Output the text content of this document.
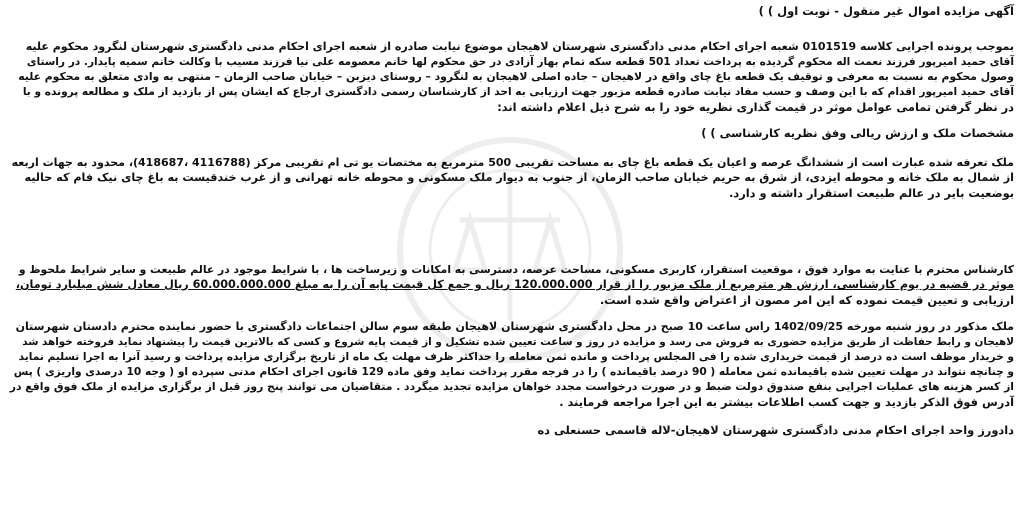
آگهی مزایده اموال غیر منقول - نوبت اول ) )
بموجب پرونده اجرایی کلاسه 0101519 شعبه اجرای احکام مدنی دادگستری شهرستان لاهیجان موضوع نیابت صادره از شعبه اجرای احکام مدنی دادگستری شهرستان لنگرود محکوم علیه
آقای حمید امیرپور فرزند نعمت اله محکوم گردیده به پرداخت تعداد 501 قطعه سکه تمام بهار آزادی در حق محکوم لها خانم معصومه علی نیا فرزند مسیب با وکالت خانم سمیه پایدار. در راستای
وصول محکوم به نسبت به معرفی و توقیف یک قطعه باغ چای واقع در لاهیجان – جاده اصلی لاهیجان به لنگرود – روستای دیزبن – خیابان صاحب الزمان – منتهی به وادی متعلق به محکوم علیه
آقای حمید امیرپور اقدام که با این وصف و حسب مفاد نیابت صادره قطعه مزبور جهت ارزیابی به احد از کارشناسان رسمی دادگستری ارجاع که ایشان پس از بازدید از ملک و مطالعه پرونده و با
در نظر گرفتن تمامی عوامل موثر در قیمت گذاری نظریه خود را به شرح ذیل اعلام داشته اند:
مشخصات ملک و ارزش ریالی وفق نظریه کارشناسی ) )
ملک تعرفه شده عبارت است از ششدانگ عرصه و اعیان یک قطعه باغ چای به مساحت تقریبی 500 مترمربع به مختصات یو تی ام تقریبی مرکز (4116788 ،418687)، محدود به جهات اربعه
از شمال به ملک خانه و محوطه ایزدی، از شرق به حریم خیابان صاحب الزمان، از جنوب به دیوار ملک مسکونی و محوطه خانه تهرانی و از غرب خندقیست به باغ چای نیک فام که حالیه
بوضعیت بایر در عالم طبیعت استقرار داشته و دارد.
کارشناس محترم با عنایت به موارد فوق ، موقعیت استقرار، کاربری مسکونی، مساحت عرصه، دسترسی به امکانات و زیرساخت ها ، با شرایط موجود در عالم طبیعت و سایر شرایط ملحوظ و
موثر در قضیه در یوم کارشناسی، ارزش هر مترمربع از ملک مزبور را از قرار 120.000.000 ریال و جمع کل قیمت پایه آن را به مبلغ 60.000.000.000 ریال معادل شش میلیارد تومان،
ارزیابی و تعیین قیمت نموده که این امر مصون از اعتراض واقع شده است.
ملک مذکور در روز شنبه مورخه 1402/09/25 راس ساعت 10 صبح در محل دادگستری شهرستان لاهیجان طبقه سوم سالن اجتماعات دادگستری با حضور نماینده محترم دادستان شهرستان
لاهیجان و رابط حفاظت از طریق مزایده حضوری به فروش می رسد و مزایده در روز و ساعت تعیین شده تشکیل و از قیمت پایه شروع و کسی که بالاترین قیمت را پیشنهاد نماید فروخته خواهد شد
و خریدار موظف است ده درصد از قیمت خریداری شده را فی المجلس پرداخت و مانده ثمن معامله را حداکثر ظرف مهلت یک ماه از تاریخ برگزاری مزایده پرداخت و رسید آنرا به اجرا تسلیم نماید
و چنانچه نتواند در مهلت تعیین شده باقیمانده ثمن معامله ( 90 درصد باقیمانده ) را در فرجه مقرر پرداخت نماید وفق ماده 129 قانون اجرای احکام مدنی سپرده او ( وجه 10 درصدی واریزی ) پس
از کسر هزینه های عملیات اجرایی بنفع صندوق دولت ضبط و در صورت درخواست مجدد خواهان مزایده تجدید میگردد . متقاضیان می توانند پنج روز قبل از برگزاری مزایده از ملک فوق واقع در
آدرس فوق الذکر بازدید و جهت کسب اطلاعات بیشتر به این اجرا مراجعه فرمایند .
دادورز واحد اجرای احکام مدنی دادگستری شهرستان لاهیجان-لاله قاسمی حسنعلی ده
